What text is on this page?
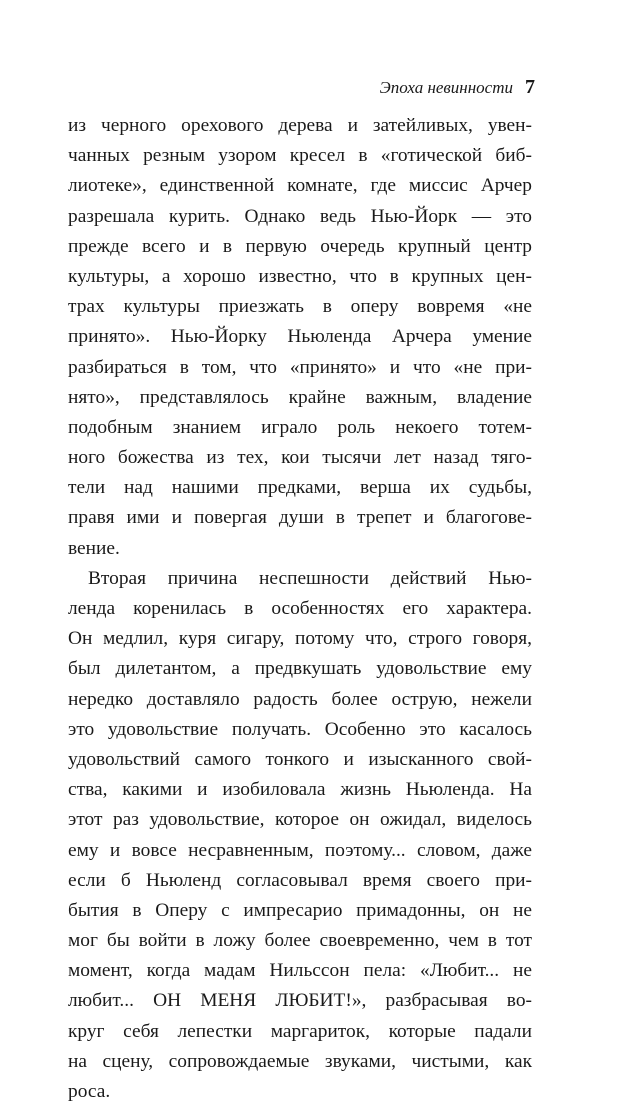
Эпоха невинности 7
из черного орехового дерева и затейливых, увен-
чанных резным узором кресел в «готической биб-
лиотеке», единственной комнате, где миссис Арчер
разрешала курить. Однако ведь Нью-Йорк — это
прежде всего и в первую очередь крупный центр
культуры, а хорошо известно, что в крупных цен-
трах культуры приезжать в оперу вовремя «не
принято». Нью-Йорку Ньюленда Арчера умение
разбираться в том, что «принято» и что «не при-
нято», представлялось крайне важным, владение
подобным знанием играло роль некоего тотем-
ного божества из тех, кои тысячи лет назад тяго-
тели над нашими предками, верша их судьбы,
правя ими и повергая души в трепет и благогове-
вение.
Вторая причина неспешности действий Нью-
ленда коренилась в особенностях его характера.
Он медлил, куря сигару, потому что, строго говоря,
был дилетантом, а предвкушать удовольствие ему
нередко доставляло радость более острую, нежели
это удовольствие получать. Особенно это касалось
удовольствий самого тонкого и изысканного свой-
ства, какими и изобиловала жизнь Ньюленда. На
этот раз удовольствие, которое он ожидал, виделось
ему и вовсе несравненным, поэтому... словом, даже
если б Ньюленд согласовывал время своего при-
бытия в Оперу с импресарио примадонны, он не
мог бы войти в ложу более своевременно, чем в тот
момент, когда мадам Нильссон пела: «Любит... не
любит... ОН МЕНЯ ЛЮБИТ!», разбрасывая во-
круг себя лепестки маргариток, которые падали
на сцену, сопровождаемые звуками, чистыми, как
роса.
